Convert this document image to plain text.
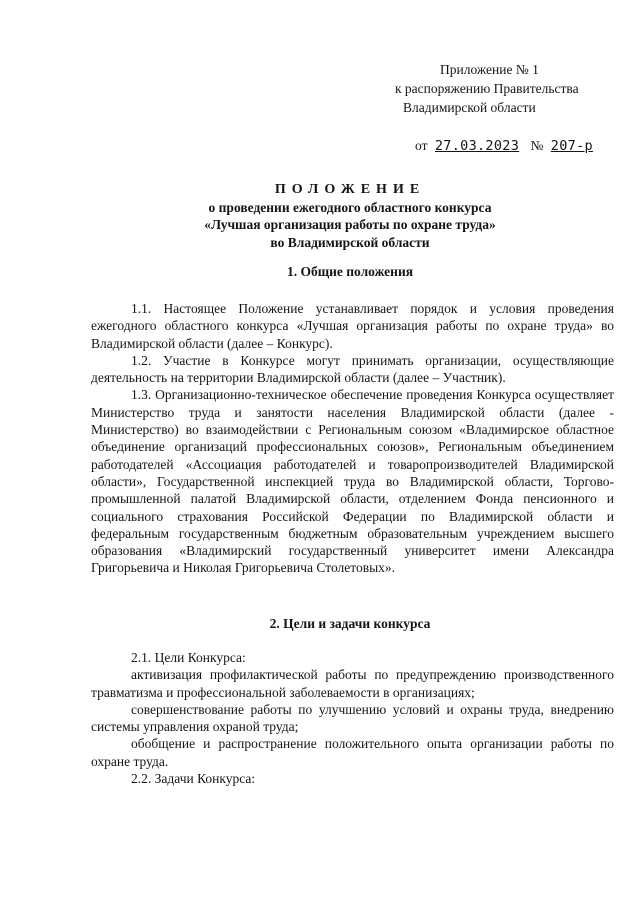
Приложение № 1
к распоряжению Правительства
Владимирской области
от 27.03.2023 № 207-р
ПОЛОЖЕНИЕ
о проведении ежегодного областного конкурса
«Лучшая организация работы по охране труда»
во Владимирской области
1. Общие положения

1.1. Настоящее Положение устанавливает порядок и условия проведения ежегодного областного конкурса «Лучшая организация работы по охране труда» во Владимирской области (далее – Конкурс).

1.2. Участие в Конкурсе могут принимать организации, осуществляющие деятельность на территории Владимирской области (далее – Участник).

1.3. Организационно-техническое обеспечение проведения Конкурса осуществляет Министерство труда и занятости населения Владимирской области (далее - Министерство) во взаимодействии с Региональным союзом «Владимирское областное объединение организаций профессиональных союзов», Региональным объединением работодателей «Ассоциация работодателей и товаропроизводителей Владимирской области», Государственной инспекцией труда во Владимирской области, Торгово-промышленной палатой Владимирской области, отделением Фонда пенсионного и социального страхования Российской Федерации по Владимирской области и федеральным государственным бюджетным образовательным учреждением высшего образования «Владимирский государственный университет имени Александра Григорьевича и Николая Григорьевича Столетовых».

2. Цели и задачи конкурса

2.1. Цели Конкурса:

активизация профилактической работы по предупреждению производственного травматизма и профессиональной заболеваемости в организациях;

совершенствование работы по улучшению условий и охраны труда, внедрению системы управления охраной труда;

обобщение и распространение положительного опыта организации работы по охране труда.

2.2. Задачи Конкурса:
